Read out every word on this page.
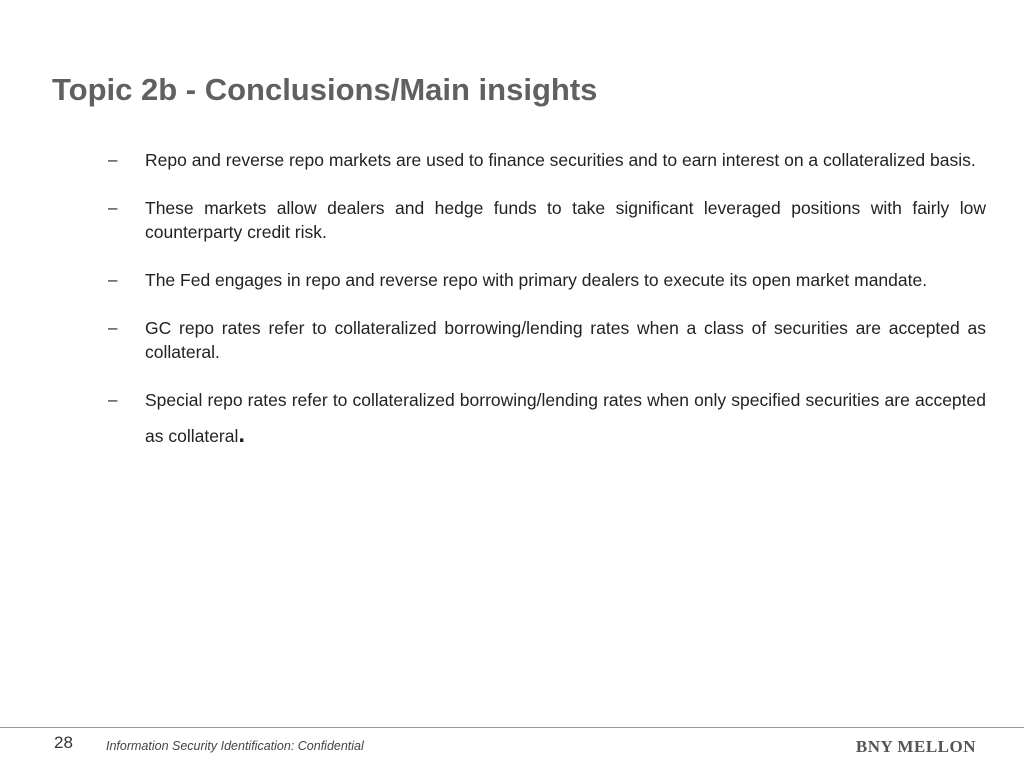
Topic 2b - Conclusions/Main insights
– Repo and reverse repo markets are used to finance securities and to earn interest on a collateralized basis.
– These markets allow dealers and hedge funds to take significant leveraged positions with fairly low counterparty credit risk.
– The Fed engages in repo and reverse repo with primary dealers to execute its open market mandate.
– GC repo rates refer to collateralized borrowing/lending rates when a class of securities are accepted as collateral.
– Special repo rates refer to collateralized borrowing/lending rates when only specified securities are accepted as collateral.
28	Information Security Identification: Confidential	BNY MELLON
